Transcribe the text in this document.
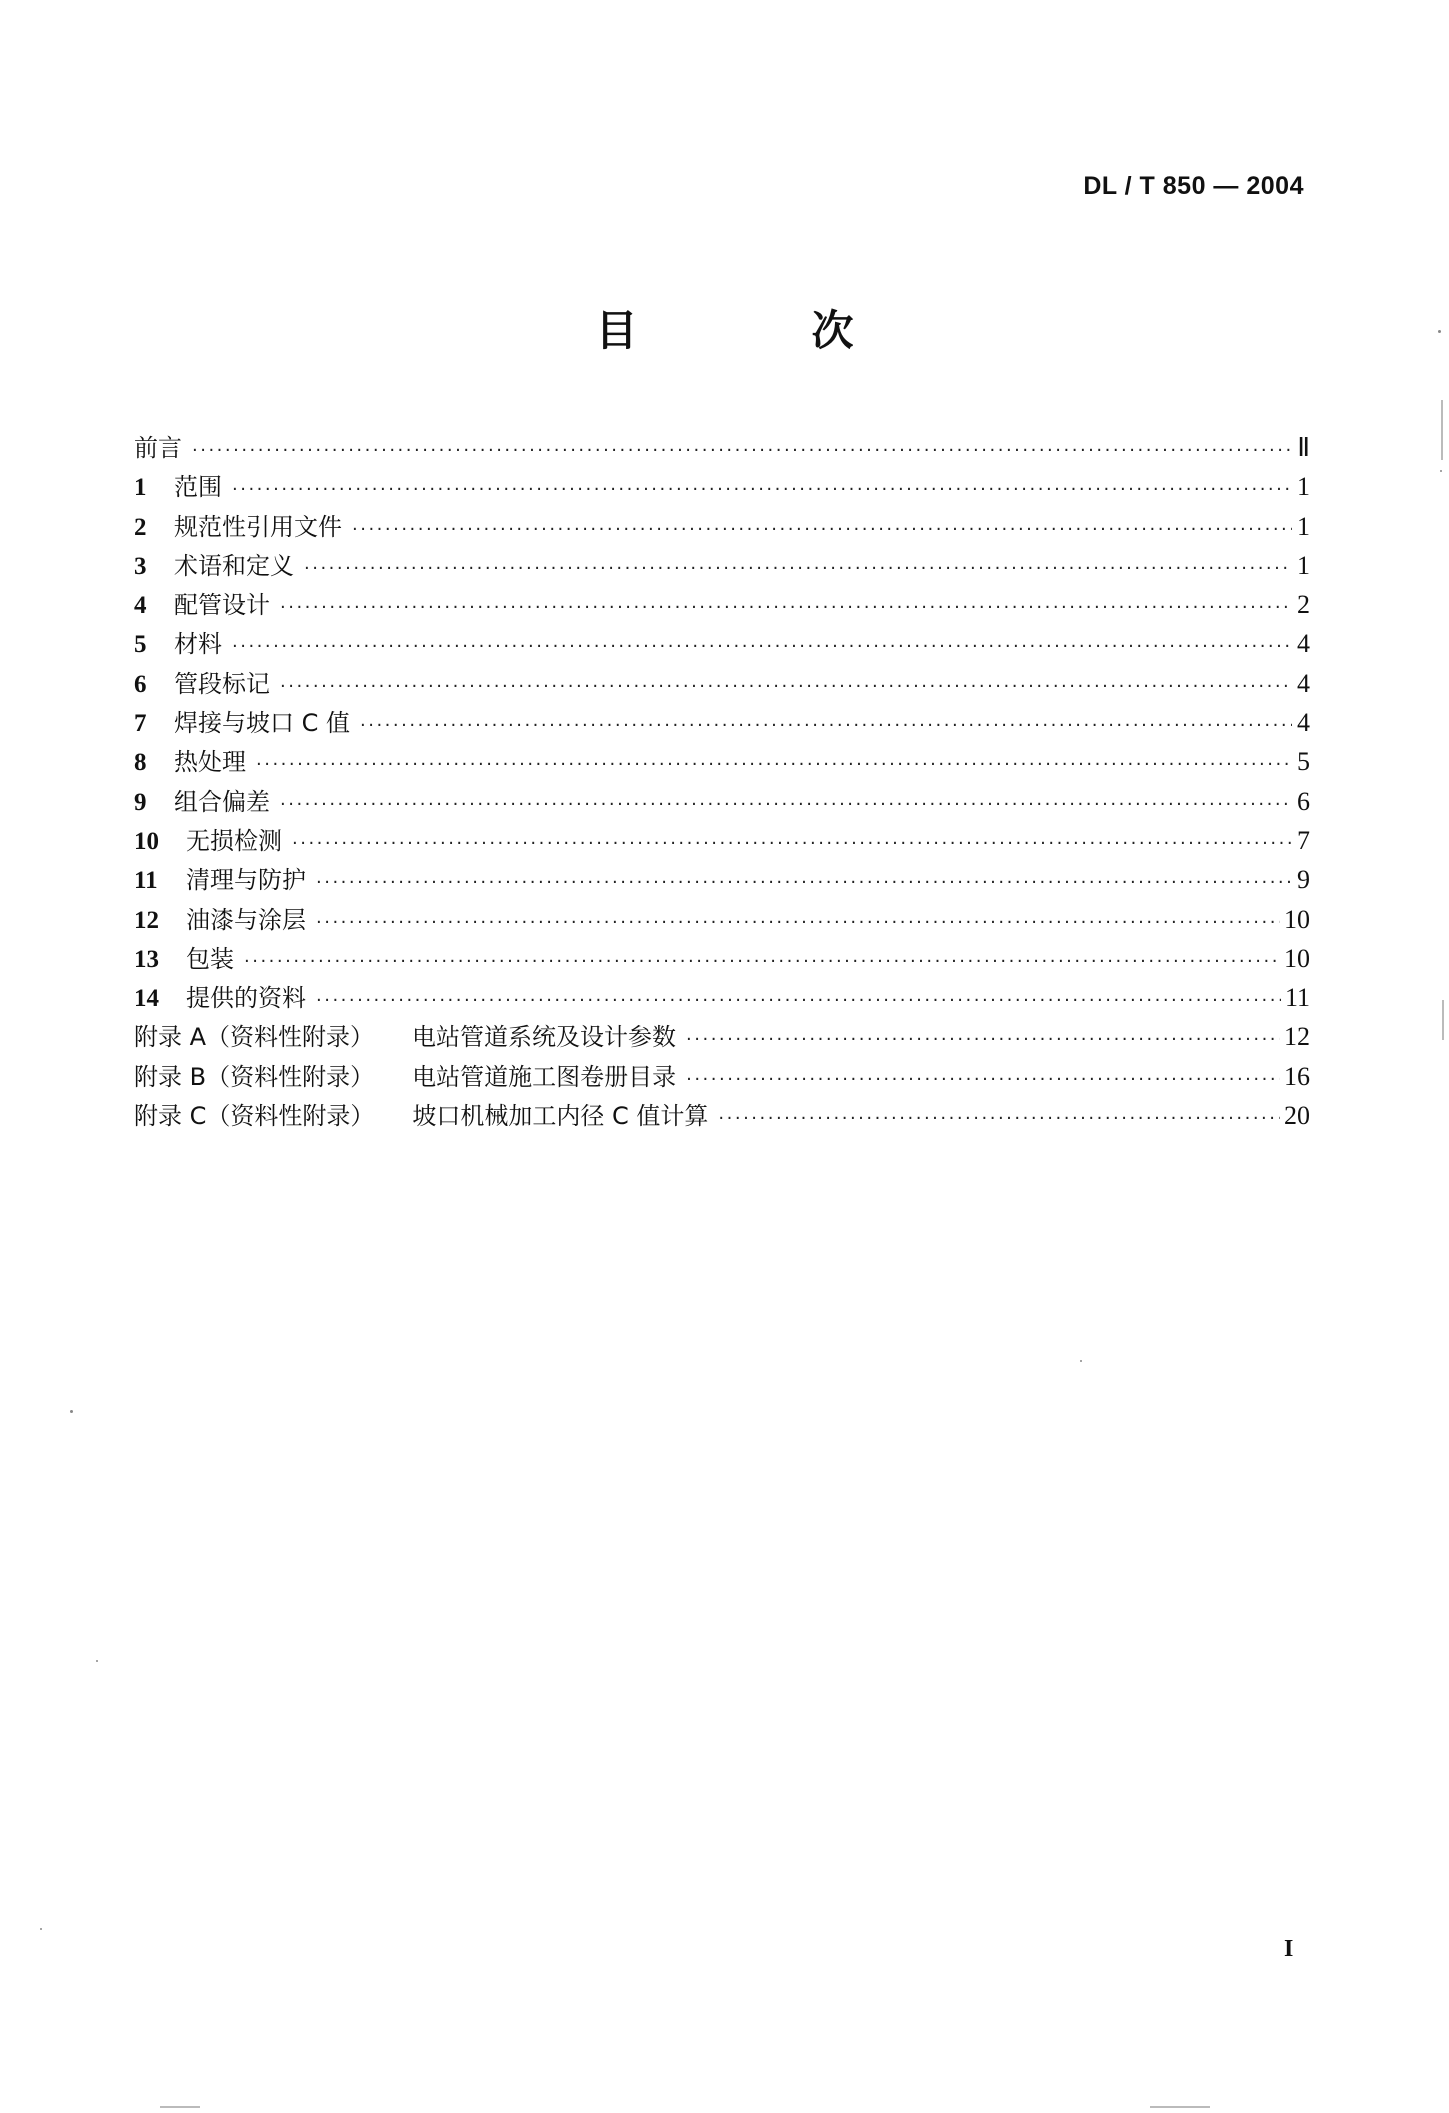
DL / T 850 — 2004
目　次
前言 ·····	Ⅱ
1	范围 ·····	1
2	规范性引用文件 ·····	1
3	术语和定义 ·····	1
4	配管设计 ·····	2
5	材料 ·····	4
6	管段标记 ·····	4
7	焊接与坡口 C 值 ·····	4
8	热处理 ·····	5
9	组合偏差 ·····	6
10	无损检测 ·····	7
11	清理与防护 ·····	9
12	油漆与涂层 ·····	10
13	包装 ·····	10
14	提供的资料 ·····	11
附录 A（资料性附录） 电站管道系统及设计参数 ·····	12
附录 B（资料性附录） 电站管道施工图卷册目录 ·····	16
附录 C（资料性附录） 坡口机械加工内径 C 值计算 ·····	20
I
